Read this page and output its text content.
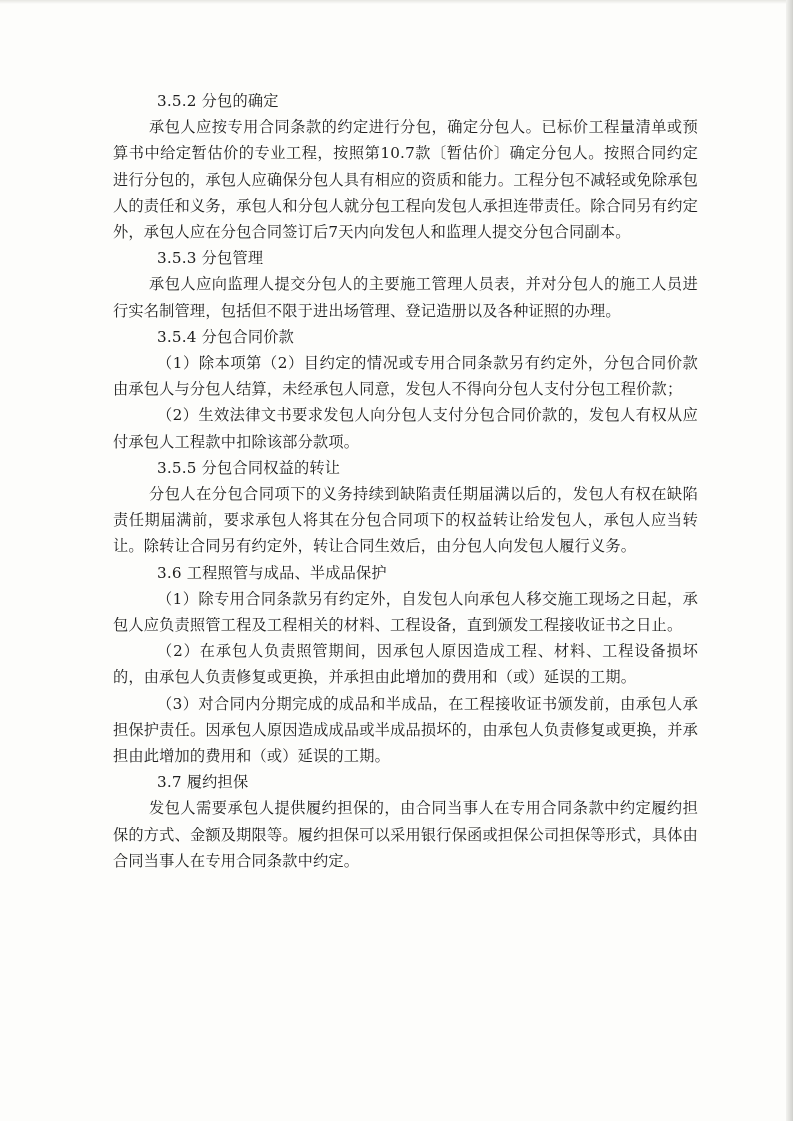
3.5.2 分包的确定

承包人应按专用合同条款的约定进行分包，确定分包人。已标价工程量清单或预算书中给定暂估价的专业工程，按照第10.7款〔暂估价〕确定分包人。按照合同约定进行分包的，承包人应确保分包人具有相应的资质和能力。工程分包不减轻或免除承包人的责任和义务，承包人和分包人就分包工程向发包人承担连带责任。除合同另有约定外，承包人应在分包合同签订后7天内向发包人和监理人提交分包合同副本。

3.5.3 分包管理

承包人应向监理人提交分包人的主要施工管理人员表，并对分包人的施工人员进行实名制管理，包括但不限于进出场管理、登记造册以及各种证照的办理。

3.5.4 分包合同价款

（1）除本项第（2）目约定的情况或专用合同条款另有约定外，分包合同价款由承包人与分包人结算，未经承包人同意，发包人不得向分包人支付分包工程价款；

（2）生效法律文书要求发包人向分包人支付分包合同价款的，发包人有权从应付承包人工程款中扣除该部分款项。

3.5.5 分包合同权益的转让

分包人在分包合同项下的义务持续到缺陷责任期届满以后的，发包人有权在缺陷责任期届满前，要求承包人将其在分包合同项下的权益转让给发包人，承包人应当转让。除转让合同另有约定外，转让合同生效后，由分包人向发包人履行义务。

3.6 工程照管与成品、半成品保护

（1）除专用合同条款另有约定外，自发包人向承包人移交施工现场之日起，承包人应负责照管工程及工程相关的材料、工程设备，直到颁发工程接收证书之日止。

（2）在承包人负责照管期间，因承包人原因造成工程、材料、工程设备损坏的，由承包人负责修复或更换，并承担由此增加的费用和（或）延误的工期。

（3）对合同内分期完成的成品和半成品，在工程接收证书颁发前，由承包人承担保护责任。因承包人原因造成成品或半成品损坏的，由承包人负责修复或更换，并承担由此增加的费用和（或）延误的工期。

3.7 履约担保

发包人需要承包人提供履约担保的，由合同当事人在专用合同条款中约定履约担保的方式、金额及期限等。履约担保可以采用银行保函或担保公司担保等形式，具体由合同当事人在专用合同条款中约定。
